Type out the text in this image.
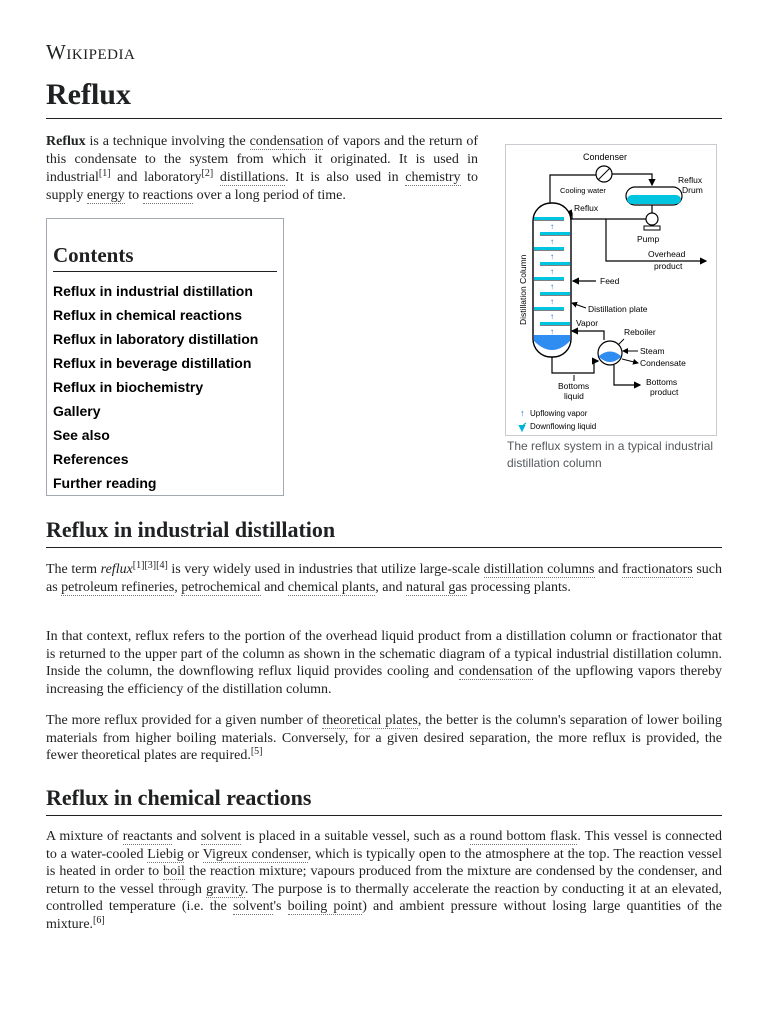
Wikipedia
Reflux
Reflux is a technique involving the condensation of vapors and the return of this condensate to the system from which it originated. It is used in industrial[1] and laboratory[2] distillations. It is also used in chemistry to supply energy to reactions over a long period of time.
Contents
Reflux in industrial distillation
Reflux in chemical reactions
Reflux in laboratory distillation
Reflux in beverage distillation
Reflux in biochemistry
Gallery
See also
References
Further reading
Condenser
Cooling water
Reflux
Drum
Pump
Reflux
Overhead
product
↑
↑
↑
↑
↑
↑
↑
↑
Distillation Column	Feed
Distillation plate
Vapor
Reboiler
Steam
Condensate
Bottoms
liquid
Bottoms
product
↑ Upflowing vapor
Downflowing liquid
The reflux system in a typical industrial distillation column
Reflux in industrial distillation
The term reflux[1][3][4] is very widely used in industries that utilize large-scale distillation columns and fractionators such as petroleum refineries, petrochemical and chemical plants, and natural gas processing plants.
In that context, reflux refers to the portion of the overhead liquid product from a distillation column or fractionator that is returned to the upper part of the column as shown in the schematic diagram of a typical industrial distillation column. Inside the column, the downflowing reflux liquid provides cooling and condensation of the upflowing vapors thereby increasing the efficiency of the distillation column.
The more reflux provided for a given number of theoretical plates, the better is the column's separation of lower boiling materials from higher boiling materials. Conversely, for a given desired separation, the more reflux is provided, the fewer theoretical plates are required.[5]
Reflux in chemical reactions
A mixture of reactants and solvent is placed in a suitable vessel, such as a round bottom flask. This vessel is connected to a water-cooled Liebig or Vigreux condenser, which is typically open to the atmosphere at the top. The reaction vessel is heated in order to boil the reaction mixture; vapours produced from the mixture are condensed by the condenser, and return to the vessel through gravity. The purpose is to thermally accelerate the reaction by conducting it at an elevated, controlled temperature (i.e. the solvent's boiling point) and ambient pressure without losing large quantities of the mixture.[6]
